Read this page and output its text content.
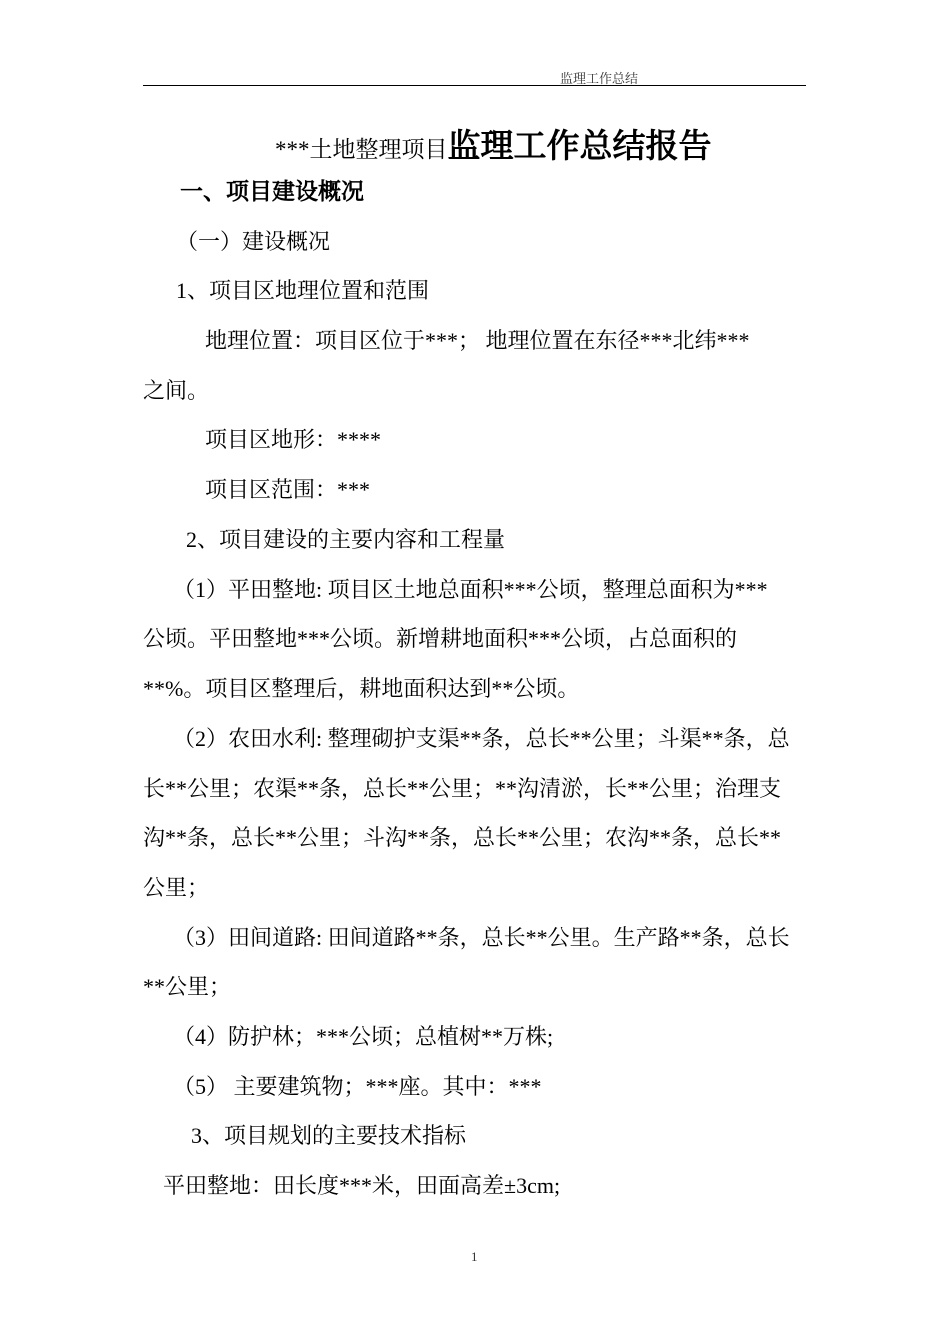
监理工作总结
***土地整理项目监理工作总结报告
一、项目建设概况
（一）建设概况
1、项目区地理位置和范围
地理位置：项目区位于***； 地理位置在东径***北纬***
之间。
项目区地形：****
项目区范围：***
2、项目建设的主要内容和工程量
（1）平田整地: 项目区土地总面积***公顷，整理总面积为***
公顷。平田整地***公顷。新增耕地面积***公顷，占总面积的
**%。项目区整理后，耕地面积达到**公顷。
（2）农田水利: 整理砌护支渠**条，总长**公里；斗渠**条，总
长**公里；农渠**条，总长**公里；**沟清淤，长**公里；治理支
沟**条，总长**公里；斗沟**条，总长**公里；农沟**条，总长**
公里；
（3）田间道路: 田间道路**条，总长**公里。生产路**条，总长
**公里；
（4）防护林；***公顷；总植树**万株;
（5） 主要建筑物；***座。其中：***
3、项目规划的主要技术指标
平田整地：田长度***米，田面高差±3cm;
1
